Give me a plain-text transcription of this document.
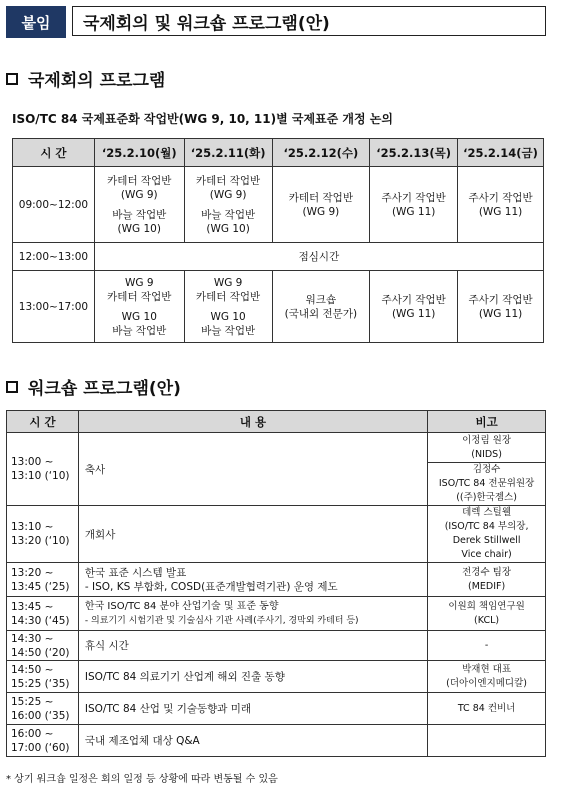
붙임	국제회의 및 워크숍 프로그램(안)
국제회의 프로그램
ISO/TC 84 국제표준화 작업반(WG 9, 10, 11)별 국제표준 개정 논의
시 간	‘25.2.10(월)	‘25.2.11(화)	‘25.2.12(수)	‘25.2.13(목)	‘25.2.14(금)
09:00~12:00	카테터 작업반
(WG 9)
바늘 작업반
(WG 10)	카테터 작업반
(WG 9)
바늘 작업반
(WG 10)	카테터 작업반
(WG 9)	주사기 작업반
(WG 11)	주사기 작업반
(WG 11)

12:00~13:00	점심시간				
13:00~17:00	WG 9
카테터 작업반
WG 10
바늘 작업반	WG 9
카테터 작업반
WG 10
바늘 작업반	워크숍
(국내외 전문가)	주사기 작업반
(WG 11)	주사기 작업반
(WG 11)
워크숍 프로그램(안)
시 간	내 용	비고

13:00 ~
13:10 (‘10)	축사	이정림 원장
(NIDS)

		김정수
ISO/TC 84 전문위원장
((주)한국젬스)

13:10 ~
13:20 (‘10)	개회사	데렉 스틸웰
(ISO/TC 84 부의장,
Derek Stillwell
Vice chair)

13:20 ~
13:45 (‘25)	한국 표준 시스템 발표
- ISO, KS 부합화, COSD(표준개발협력기관) 운영 제도	전경수 팀장
(MEDIF)

13:45 ~
14:30 (‘45)	한국 ISO/TC 84 분야 산업기술 및 표준 동향
- 의료기기 시험기관 및 기술심사 기관 사례(주사기, 경막외 카테터 등)	이원희 책임연구원
(KCL)

14:30 ~
14:50 (‘20)	휴식 시간	-

14:50 ~
15:25 (‘35)	ISO/TC 84 의료기기 산업계 해외 진출 동향	박재현 대표
(더아이엔지메디칼)

15:25 ~
16:00 (‘35)	ISO/TC 84 산업 및 기술동향과 미래	TC 84 컨비너

16:00 ~
17:00 (‘60)	국내 제조업체 대상 Q&A	
* 상기 워크숍 일정은 회의 일정 등 상황에 따라 변동될 수 있음
